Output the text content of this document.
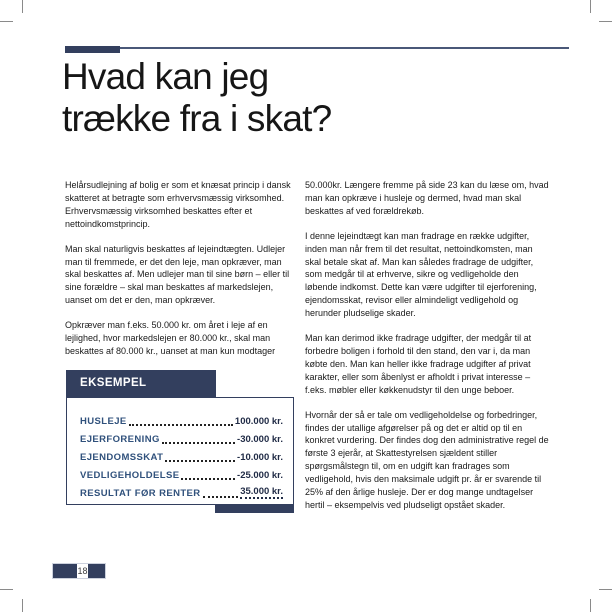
Hvad kan jeg
trække fra i skat?

Helårsudlejning af bolig er som et knæsat princip i dansk skatteret at betragte som erhvervsmæssig virksomhed. Erhvervsmæssig virksomhed beskattes efter et nettoindkomstprincip.

Man skal naturligvis beskattes af lejeindtægten. Udlejer man til fremmede, er det den leje, man opkræver, man skal beskattes af. Men udlejer man til sine børn – eller til sine forældre – skal man beskattes af markedslejen, uanset om det er den, man opkræver.

Opkræver man f.eks. 50.000 kr. om året i leje af en lejlighed, hvor markedslejen er 80.000 kr., skal man beskattes af 80.000 kr., uanset at man kun modtager

50.000kr. Længere fremme på side 23 kan du læse om, hvad man kan opkræve i husleje og dermed, hvad man skal beskattes af ved forældrekøb.

I denne lejeindtægt kan man fradrage en række udgifter, inden man når frem til det resultat, nettoindkomsten, man skal betale skat af. Man kan således fradrage de udgifter, som medgår til at erhverve, sikre og vedligeholde den løbende indkomst. Dette kan være udgifter til ejerforening, ejendomsskat, revisor eller almindeligt vedligehold og herunder pludselige skader.

Man kan derimod ikke fradrage udgifter, der medgår til at forbedre boligen i forhold til den stand, den var i, da man købte den. Man kan heller ikke fradrage udgifter af privat karakter, eller som åbenlyst er afholdt i privat interesse – f.eks. møbler eller køkkenudstyr til den unge beboer.

Hvornår der så er tale om vedligeholdelse og forbedringer, findes der utallige afgørelser på og det er altid op til en konkret vurdering. Der findes dog den administrative regel de første 3 ejerår, at Skattestyrelsen sjældent stiller spørgsmålstegn til, om en udgift kan fradrages som vedligehold, hvis den maksimale udgift pr. år er svarende til 25% af den årlige husleje. Der er dog mange undtagelser hertil – eksempelvis ved pludseligt opstået skader.

EKSEMPEL
HUSLEJE	100.000 kr.
EJERFORENING	-30.000 kr.
EJENDOMSSKAT	-10.000 kr.
VEDLIGEHOLDELSE	-25.000 kr.
RESULTAT FØR RENTER	35.000 kr.
18
